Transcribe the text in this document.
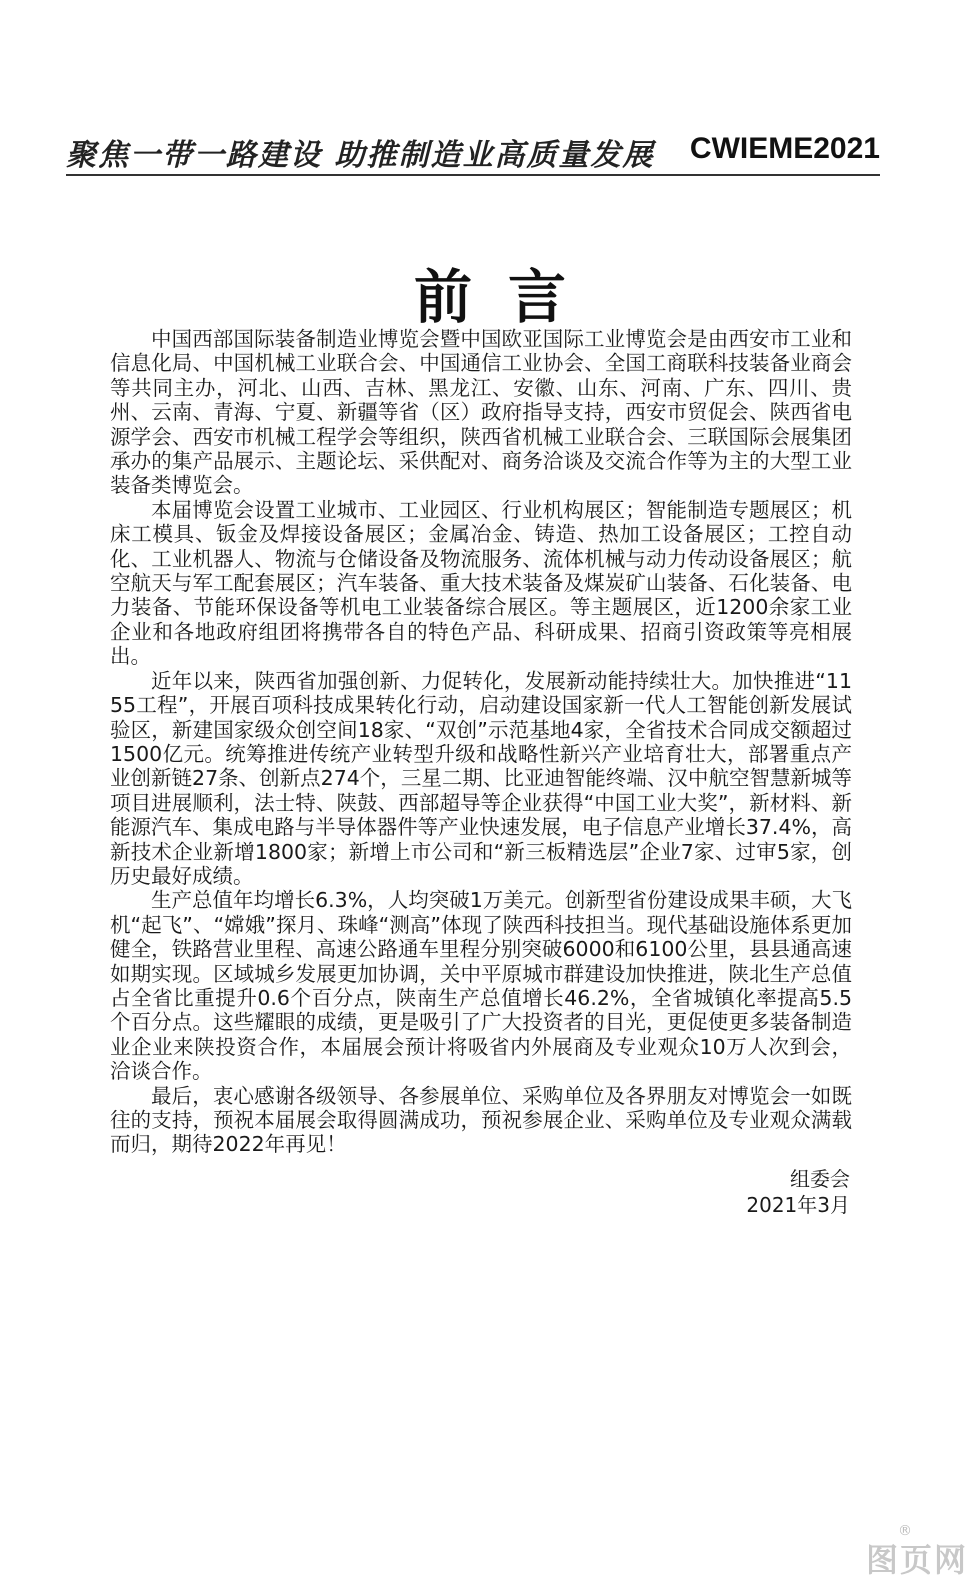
聚焦一带一路建设 助推制造业高质量发展 CWIEME2021
前言

中国西部国际装备制造业博览会暨中国欧亚国际工业博览会是由西安市工业和信息化局、中国机械工业联合会、中国通信工业协会、全国工商联科技装备业商会等共同主办，河北、山西、吉林、黑龙江、安徽、山东、河南、广东、四川、贵州、云南、青海、宁夏、新疆等省（区）政府指导支持，西安市贸促会、陕西省电源学会、西安市机械工程学会等组织，陕西省机械工业联合会、三联国际会展集团承办的集产品展示、主题论坛、采供配对、商务洽谈及交流合作等为主的大型工业装备类博览会。

本届博览会设置工业城市、工业园区、行业机构展区；智能制造专题展区；机床工模具、钣金及焊接设备展区；金属冶金、铸造、热加工设备展区；工控自动化、工业机器人、物流与仓储设备及物流服务、流体机械与动力传动设备展区；航空航天与军工配套展区；汽车装备、重大技术装备及煤炭矿山装备、石化装备、电力装备、节能环保设备等机电工业装备综合展区。等主题展区，近1200余家工业企业和各地政府组团将携带各自的特色产品、科研成果、招商引资政策等亮相展出。

近年以来，陕西省加强创新、力促转化，发展新动能持续壮大。加快推进“1155工程”，开展百项科技成果转化行动，启动建设国家新一代人工智能创新发展试验区，新建国家级众创空间18家、“双创”示范基地4家，全省技术合同成交额超过1500亿元。统筹推进传统产业转型升级和战略性新兴产业培育壮大，部署重点产业创新链27条、创新点274个，三星二期、比亚迪智能终端、汉中航空智慧新城等项目进展顺利，法士特、陕鼓、西部超导等企业获得“中国工业大奖”，新材料、新能源汽车、集成电路与半导体器件等产业快速发展，电子信息产业增长37.4%，高新技术企业新增1800家；新增上市公司和“新三板精选层”企业7家、过审5家，创历史最好成绩。

生产总值年均增长6.3%，人均突破1万美元。创新型省份建设成果丰硕，大飞机“起飞”、“嫦娥”探月、珠峰“测高”体现了陕西科技担当。现代基础设施体系更加健全，铁路营业里程、高速公路通车里程分别突破6000和6100公里，县县通高速如期实现。区域城乡发展更加协调，关中平原城市群建设加快推进，陕北生产总值占全省比重提升0.6个百分点，陕南生产总值增长46.2%，全省城镇化率提高5.5个百分点。这些耀眼的成绩，更是吸引了广大投资者的目光，更促使更多装备制造业企业来陕投资合作，本届展会预计将吸省内外展商及专业观众10万人次到会，洽谈合作。

最后，衷心感谢各级领导、各参展单位、采购单位及各界朋友对博览会一如既往的支持，预祝本届展会取得圆满成功，预祝参展企业、采购单位及专业观众满载而归，期待2022年再见！

组委会
2021年3月
®
图页网
